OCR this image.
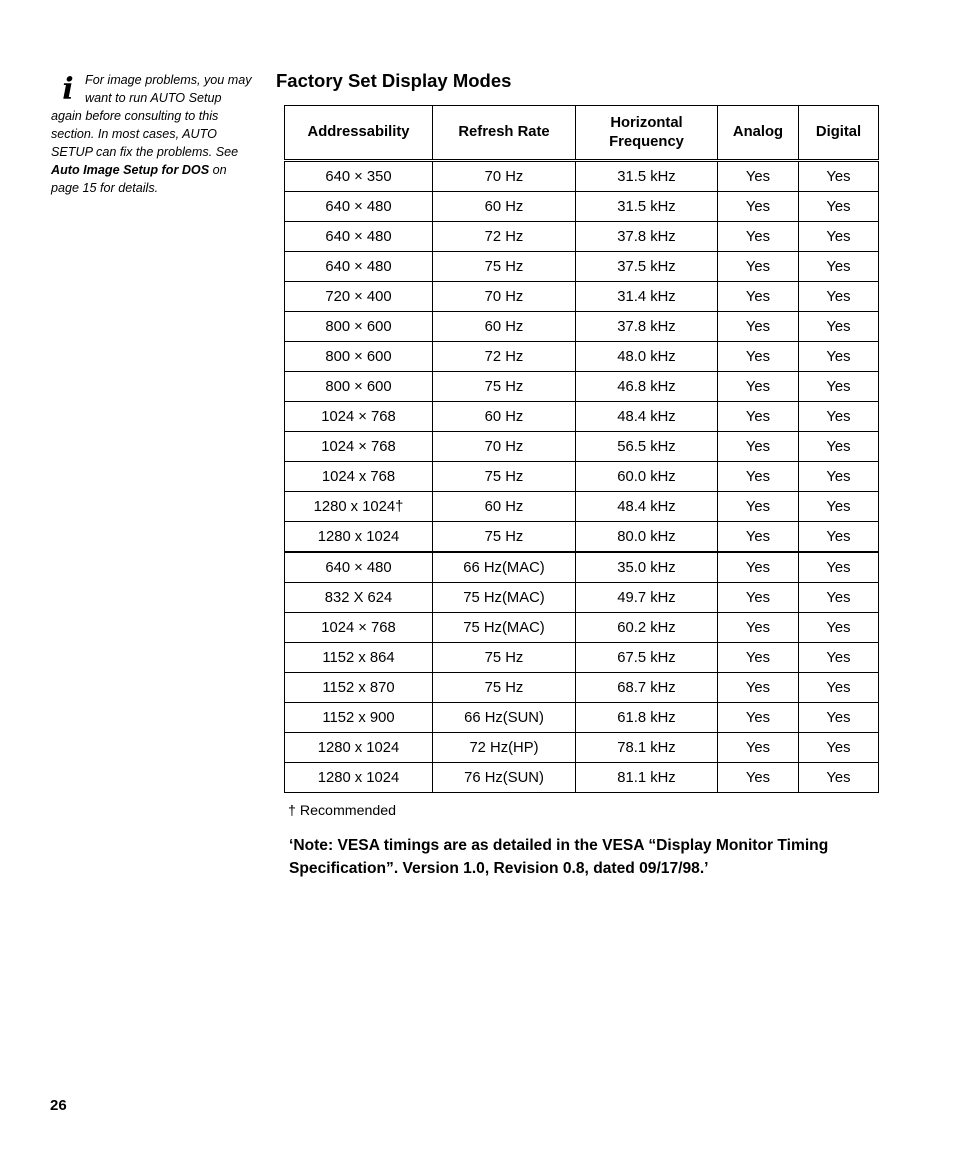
i For image problems, you may want to run AUTO Setup again before consulting to this section. In most cases, AUTO SETUP can fix the problems. See Auto Image Setup for DOS on page 15 for details.
Factory Set Display Modes
Addressability	Refresh Rate	Horizontal Frequency	Analog	Digital
640 × 350	70 Hz	31.5 kHz	Yes	Yes
640 × 480	60 Hz	31.5 kHz	Yes	Yes
640 × 480	72 Hz	37.8 kHz	Yes	Yes
640 × 480	75 Hz	37.5 kHz	Yes	Yes
720 × 400	70 Hz	31.4 kHz	Yes	Yes
800 × 600	60 Hz	37.8 kHz	Yes	Yes
800 × 600	72 Hz	48.0 kHz	Yes	Yes
800 × 600	75 Hz	46.8 kHz	Yes	Yes
1024 × 768	60 Hz	48.4 kHz	Yes	Yes
1024 × 768	70 Hz	56.5 kHz	Yes	Yes
1024 x 768	75 Hz	60.0 kHz	Yes	Yes
1280 x 1024†	60 Hz	48.4 kHz	Yes	Yes
1280 x 1024	75 Hz	80.0 kHz	Yes	Yes
640 × 480	66 Hz(MAC)	35.0 kHz	Yes	Yes
832 X 624	75 Hz(MAC)	49.7 kHz	Yes	Yes
1024 × 768	75 Hz(MAC)	60.2 kHz	Yes	Yes
1152 x 864	75 Hz	67.5 kHz	Yes	Yes
1152 x 870	75 Hz	68.7 kHz	Yes	Yes
1152 x 900	66 Hz(SUN)	61.8 kHz	Yes	Yes
1280 x 1024	72 Hz(HP)	78.1 kHz	Yes	Yes
1280 x 1024	76 Hz(SUN)	81.1 kHz	Yes	Yes
† Recommended
‘Note: VESA timings are as detailed in the VESA “Display Monitor Timing Specification”. Version 1.0, Revision 0.8, dated 09/17/98.’
26
